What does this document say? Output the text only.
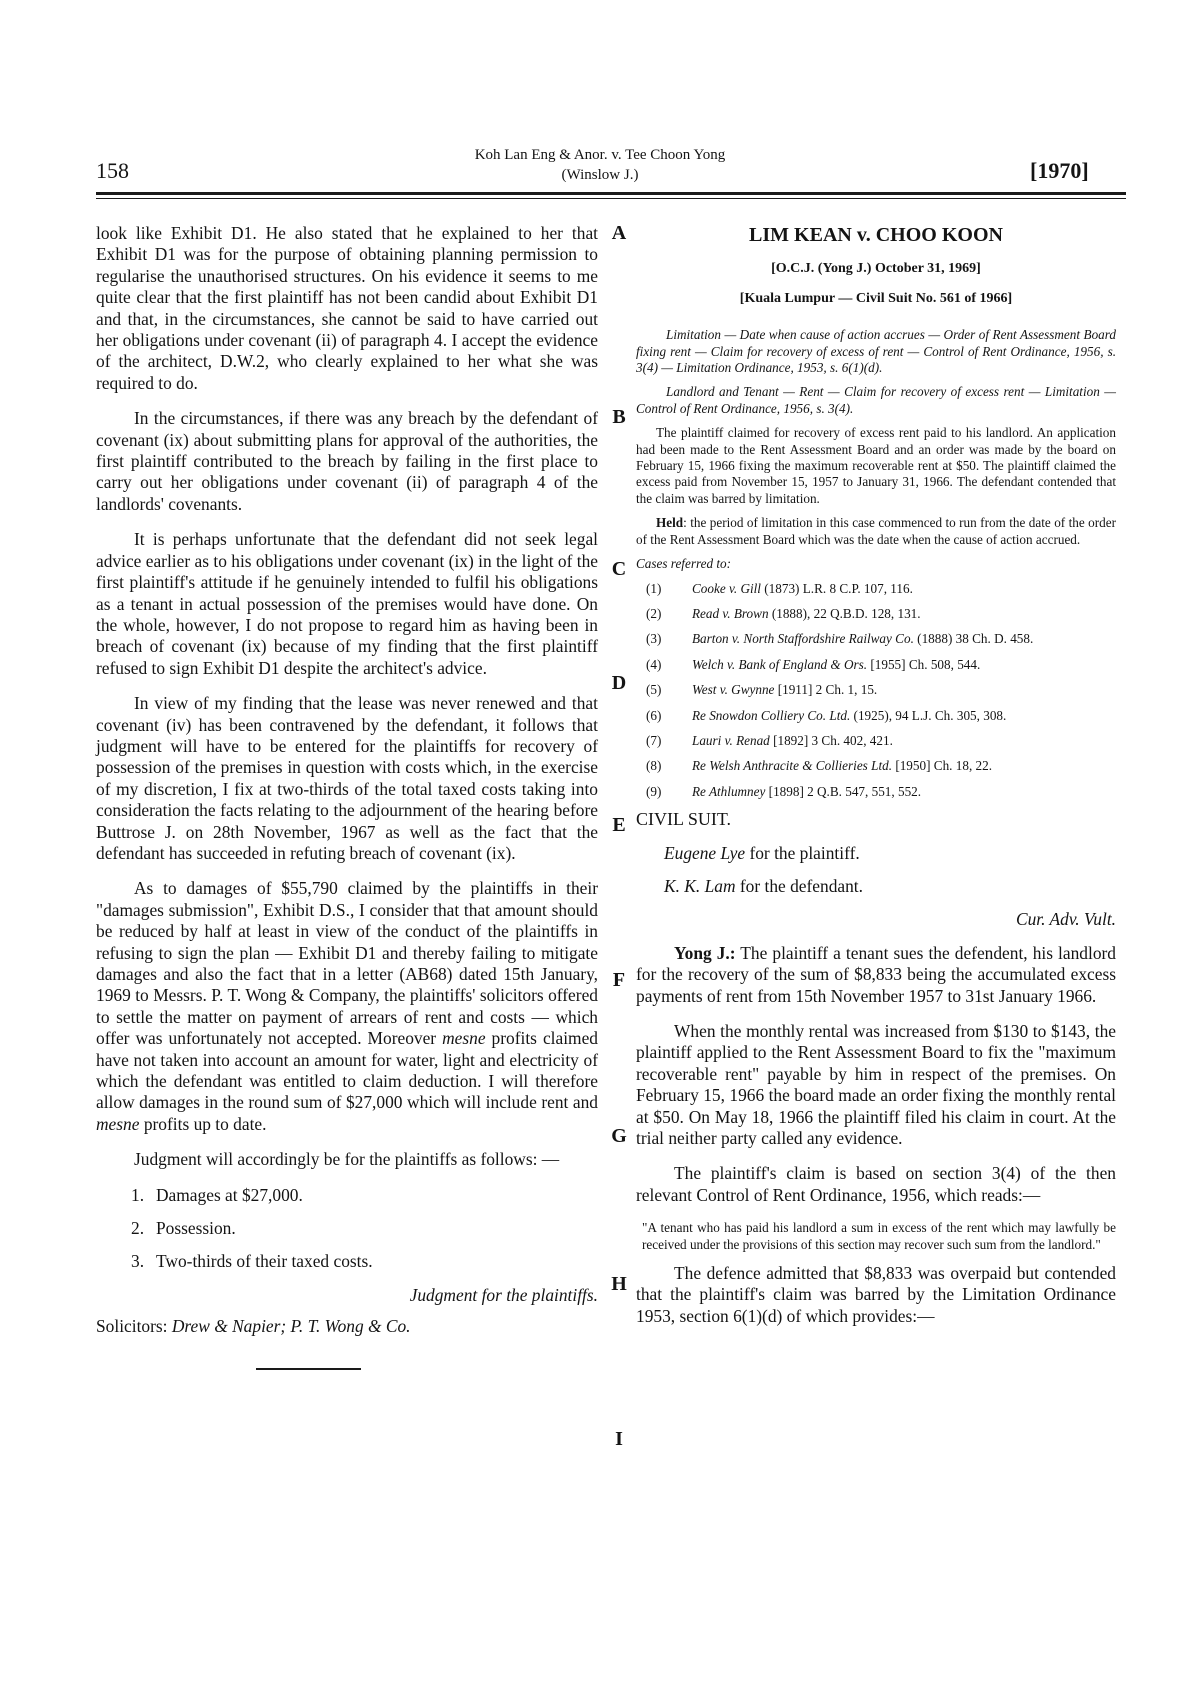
158
Koh Lan Eng & Anor. v. Tee Choon Yong
(Winslow J.)	[1970]

look like Exhibit D1. He also stated that he explained to her that Exhibit D1 was for the purpose of obtaining planning permission to regularise the unauthorised structures. On his evidence it seems to me quite clear that the first plaintiff has not been candid about Exhibit D1 and that, in the circumstances, she cannot be said to have carried out her obligations under covenant (ii) of paragraph 4. I accept the evidence of the architect, D.W.2, who clearly explained to her what she was required to do.

In the circumstances, if there was any breach by the defendant of covenant (ix) about submitting plans for approval of the authorities, the first plaintiff contributed to the breach by failing in the first place to carry out her obligations under covenant (ii) of paragraph 4 of the landlords' covenants.

It is perhaps unfortunate that the defendant did not seek legal advice earlier as to his obligations under covenant (ix) in the light of the first plaintiff's attitude if he genuinely intended to fulfil his obligations as a tenant in actual possession of the premises would have done. On the whole, however, I do not propose to regard him as having been in breach of covenant (ix) because of my finding that the first plaintiff refused to sign Exhibit D1 despite the architect's advice.

In view of my finding that the lease was never renewed and that covenant (iv) has been contravened by the defendant, it follows that judgment will have to be entered for the plaintiffs for recovery of possession of the premises in question with costs which, in the exercise of my discretion, I fix at two-thirds of the total taxed costs taking into consideration the facts relating to the adjournment of the hearing before Buttrose J. on 28th November, 1967 as well as the fact that the defendant has succeeded in refuting breach of covenant (ix).

As to damages of $55,790 claimed by the plaintiffs in their "damages submission", Exhibit D.S., I consider that that amount should be reduced by half at least in view of the conduct of the plaintiffs in refusing to sign the plan — Exhibit D1 and thereby failing to mitigate damages and also the fact that in a letter (AB68) dated 15th January, 1969 to Messrs. P. T. Wong & Company, the plaintiffs' solicitors offered to settle the matter on payment of arrears of rent and costs — which offer was unfortunately not accepted. Moreover mesne profits claimed have not taken into account an amount for water, light and electricity of which the defendant was entitled to claim deduction. I will therefore allow damages in the round sum of $27,000 which will include rent and mesne profits up to date.

Judgment will accordingly be for the plaintiffs as follows: —

1. Damages at $27,000.
2. Possession.
3. Two-thirds of their taxed costs.
Judgment for the plaintiffs.
Solicitors: Drew & Napier; P. T. Wong & Co.
A
B
C
D
E
F
G
H
I
LIM KEAN v. CHOO KOON
[O.C.J. (Yong J.) October 31, 1969]
[Kuala Lumpur — Civil Suit No. 561 of 1966]

Limitation — Date when cause of action accrues — Order of Rent Assessment Board fixing rent — Claim for recovery of excess of rent — Control of Rent Ordinance, 1956, s. 3(4) — Limitation Ordinance, 1953, s. 6(1)(d).

Landlord and Tenant — Rent — Claim for recovery of excess rent — Limitation — Control of Rent Ordinance, 1956, s. 3(4).

The plaintiff claimed for recovery of excess rent paid to his landlord. An application had been made to the Rent Assessment Board and an order was made by the board on February 15, 1966 fixing the maximum recoverable rent at $50. The plaintiff claimed the excess paid from November 15, 1957 to January 31, 1966. The defendant contended that the claim was barred by limitation.

Held: the period of limitation in this case commenced to run from the date of the order of the Rent Assessment Board which was the date when the cause of action accrued.

Cases referred to:
(1)	Cooke v. Gill (1873) L.R. 8 C.P. 107, 116.
(2)	Read v. Brown (1888), 22 Q.B.D. 128, 131.
(3)	Barton v. North Staffordshire Railway Co. (1888) 38 Ch. D. 458.
(4)	Welch v. Bank of England & Ors. [1955] Ch. 508, 544.
(5)	West v. Gwynne [1911] 2 Ch. 1, 15.
(6)	Re Snowdon Colliery Co. Ltd. (1925), 94 L.J. Ch. 305, 308.
(7)	Lauri v. Renad [1892] 3 Ch. 402, 421.
(8)	Re Welsh Anthracite & Collieries Ltd. [1950] Ch. 18, 22.
(9)	Re Athlumney [1898] 2 Q.B. 547, 551, 552.
CIVIL SUIT.
Eugene Lye for the plaintiff.
K. K. Lam for the defendant.
Cur. Adv. Vult.

Yong J.: The plaintiff a tenant sues the defendent, his landlord for the recovery of the sum of $8,833 being the accumulated excess payments of rent from 15th November 1957 to 31st January 1966.

When the monthly rental was increased from $130 to $143, the plaintiff applied to the Rent Assessment Board to fix the "maximum recoverable rent" payable by him in respect of the premises. On February 15, 1966 the board made an order fixing the monthly rental at $50. On May 18, 1966 the plaintiff filed his claim in court. At the trial neither party called any evidence.

The plaintiff's claim is based on section 3(4) of the then relevant Control of Rent Ordinance, 1956, which reads:—

"A tenant who has paid his landlord a sum in excess of the rent which may lawfully be received under the provisions of this section may recover such sum from the landlord."

The defence admitted that $8,833 was overpaid but contended that the plaintiff's claim was barred by the Limitation Ordinance 1953, section 6(1)(d) of which provides:—
